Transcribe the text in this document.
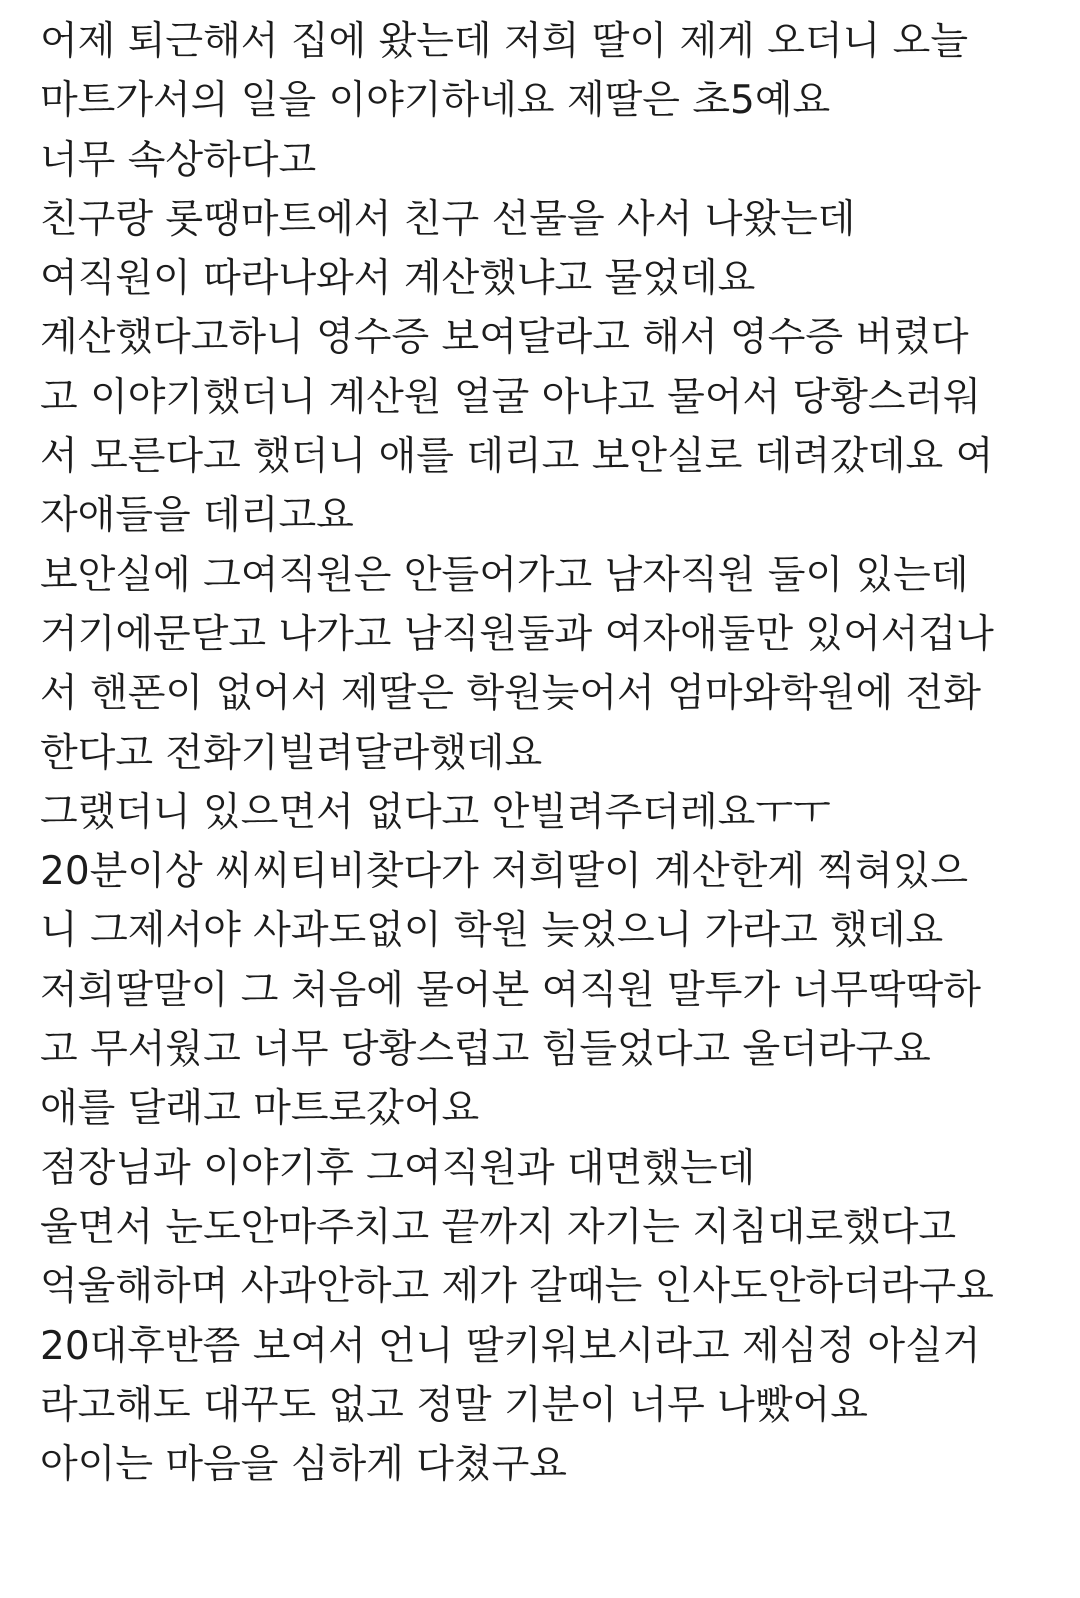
어제 퇴근해서 집에 왔는데 저희 딸이 제게 오더니 오늘
마트가서의 일을 이야기하네요 제딸은 초5예요
너무 속상하다고
친구랑 롯땡마트에서 친구 선물을 사서 나왔는데
여직원이 따라나와서 계산했냐고 물었데요
계산했다고하니 영수증 보여달라고 해서 영수증 버렸다
고 이야기했더니 계산원 얼굴 아냐고 물어서 당황스러워
서 모른다고 했더니 애를 데리고 보안실로 데려갔데요 여
자애들을 데리고요
보안실에 그여직원은 안들어가고 남자직원 둘이 있는데
거기에문닫고 나가고 남직원둘과 여자애둘만 있어서겁나
서 핸폰이 없어서 제딸은 학원늦어서 엄마와학원에 전화
한다고 전화기빌려달라했데요
그랬더니 있으면서 없다고 안빌려주더레요ㅜㅜ
20분이상 씨씨티비찾다가 저희딸이 계산한게 찍혀있으
니 그제서야 사과도없이 학원 늦었으니 가라고 했데요
저희딸말이 그 처음에 물어본 여직원 말투가 너무딱딱하
고 무서웠고 너무 당황스럽고 힘들었다고 울더라구요
애를 달래고 마트로갔어요
점장님과 이야기후 그여직원과 대면했는데
울면서 눈도안마주치고 끝까지 자기는 지침대로했다고
억울해하며 사과안하고 제가 갈때는 인사도안하더라구요
20대후반쯤 보여서 언니 딸키워보시라고 제심정 아실거
라고해도 대꾸도 없고 정말 기분이 너무 나빴어요
아이는 마음을 심하게 다쳤구요
